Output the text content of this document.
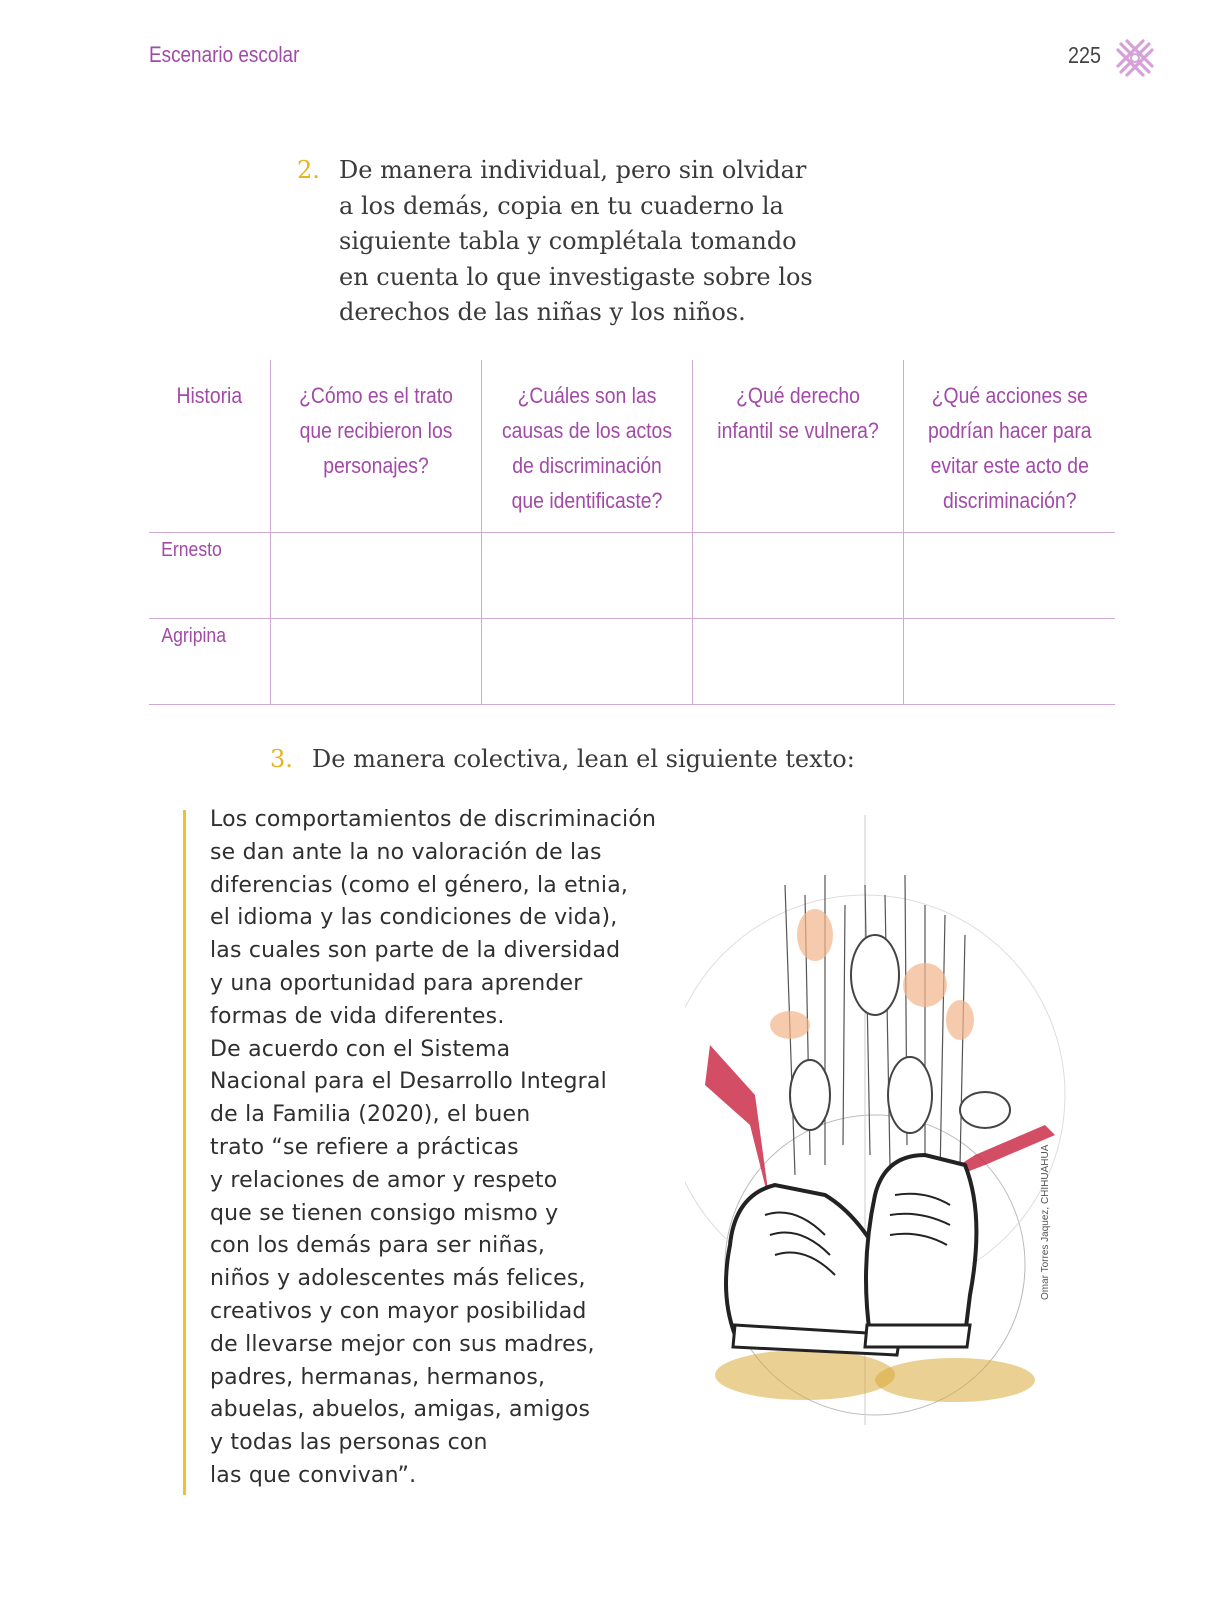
Escenario escolar	225
2. De manera individual, pero sin olvidar
a los demás, copia en tu cuaderno la
siguiente tabla y complétala tomando
en cuenta lo que investigaste sobre los
derechos de las niñas y los niños.
Historia	¿Cómo es el trato que recibieron los personajes?	¿Cuáles son las causas de los actos de discriminación que identificaste?	¿Qué derecho infantil se vulnera?	¿Qué acciones se podrían hacer para evitar este acto de discriminación?
Ernesto				
Agripina				
3. De manera colectiva, lean el siguiente texto:
Los comportamientos de discriminación
se dan ante la no valoración de las
diferencias (como el género, la etnia,
el idioma y las condiciones de vida),
las cuales son parte de la diversidad
y una oportunidad para aprender
formas de vida diferentes.
De acuerdo con el Sistema
Nacional para el Desarrollo Integral
de la Familia (2020), el buen
trato “se refiere a prácticas
y relaciones de amor y respeto
que se tienen consigo mismo y
con los demás para ser niñas,
niños y adolescentes más felices,
creativos y con mayor posibilidad
de llevarse mejor con sus madres,
padres, hermanas, hermanos,
abuelas, abuelos, amigas, amigos
y todas las personas con
las que convivan”.
Omar Torres Jaquez, CHIHUAHUA
